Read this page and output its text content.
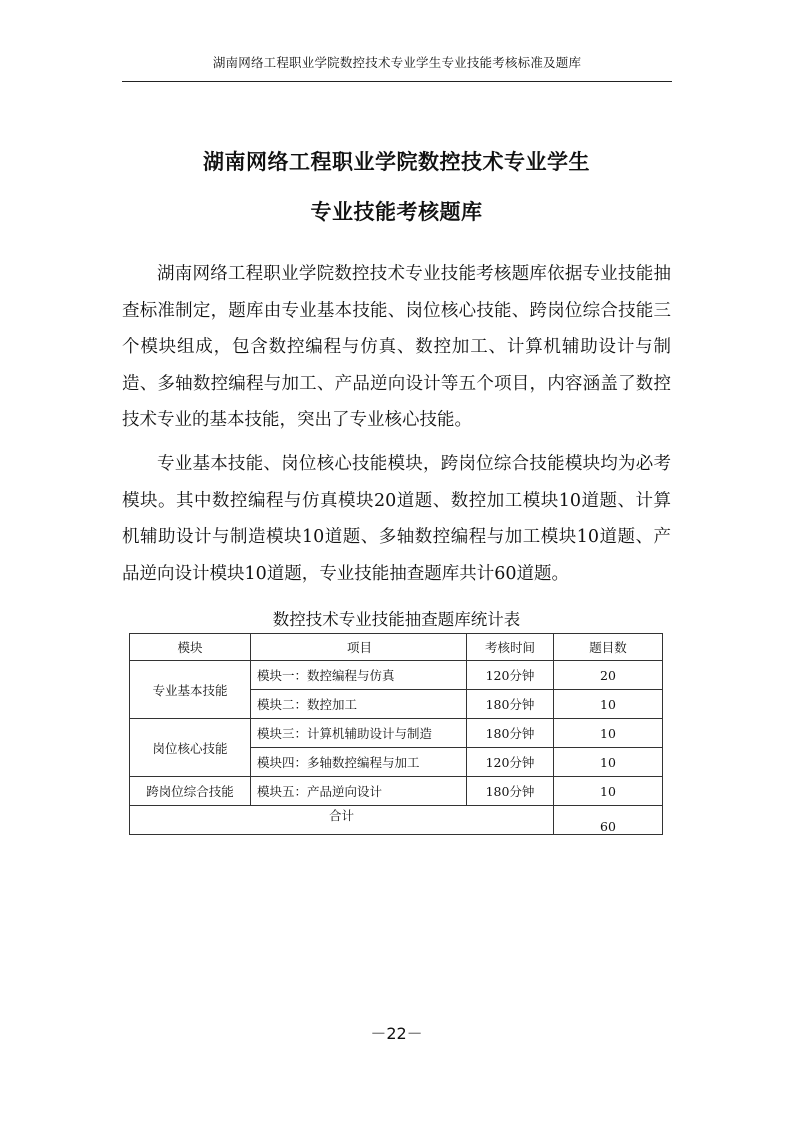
湖南网络工程职业学院数控技术专业学生专业技能考核标准及题库
湖南网络工程职业学院数控技术专业学生
专业技能考核题库

湖南网络工程职业学院数控技术专业技能考核题库依据专业技能抽查标准制定，题库由专业基本技能、岗位核心技能、跨岗位综合技能三个模块组成，包含数控编程与仿真、数控加工、计算机辅助设计与制造、多轴数控编程与加工、产品逆向设计等五个项目，内容涵盖了数控技术专业的基本技能，突出了专业核心技能。

专业基本技能、岗位核心技能模块，跨岗位综合技能模块均为必考模块。其中数控编程与仿真模块20道题、数控加工模块10道题、计算机辅助设计与制造模块10道题、多轴数控编程与加工模块10道题、产品逆向设计模块10道题，专业技能抽查题库共计60道题。

数控技术专业技能抽查题库统计表
模块	项目	考核时间	题目数
专业基本技能	模块一：数控编程与仿真	120分钟	20
	模块二：数控加工	180分钟	10
岗位核心技能	模块三：计算机辅助设计与制造	180分钟	10
	模块四：多轴数控编程与加工	120分钟	10
跨岗位综合技能	模块五：产品逆向设计	180分钟	10
合计			60
－22－
